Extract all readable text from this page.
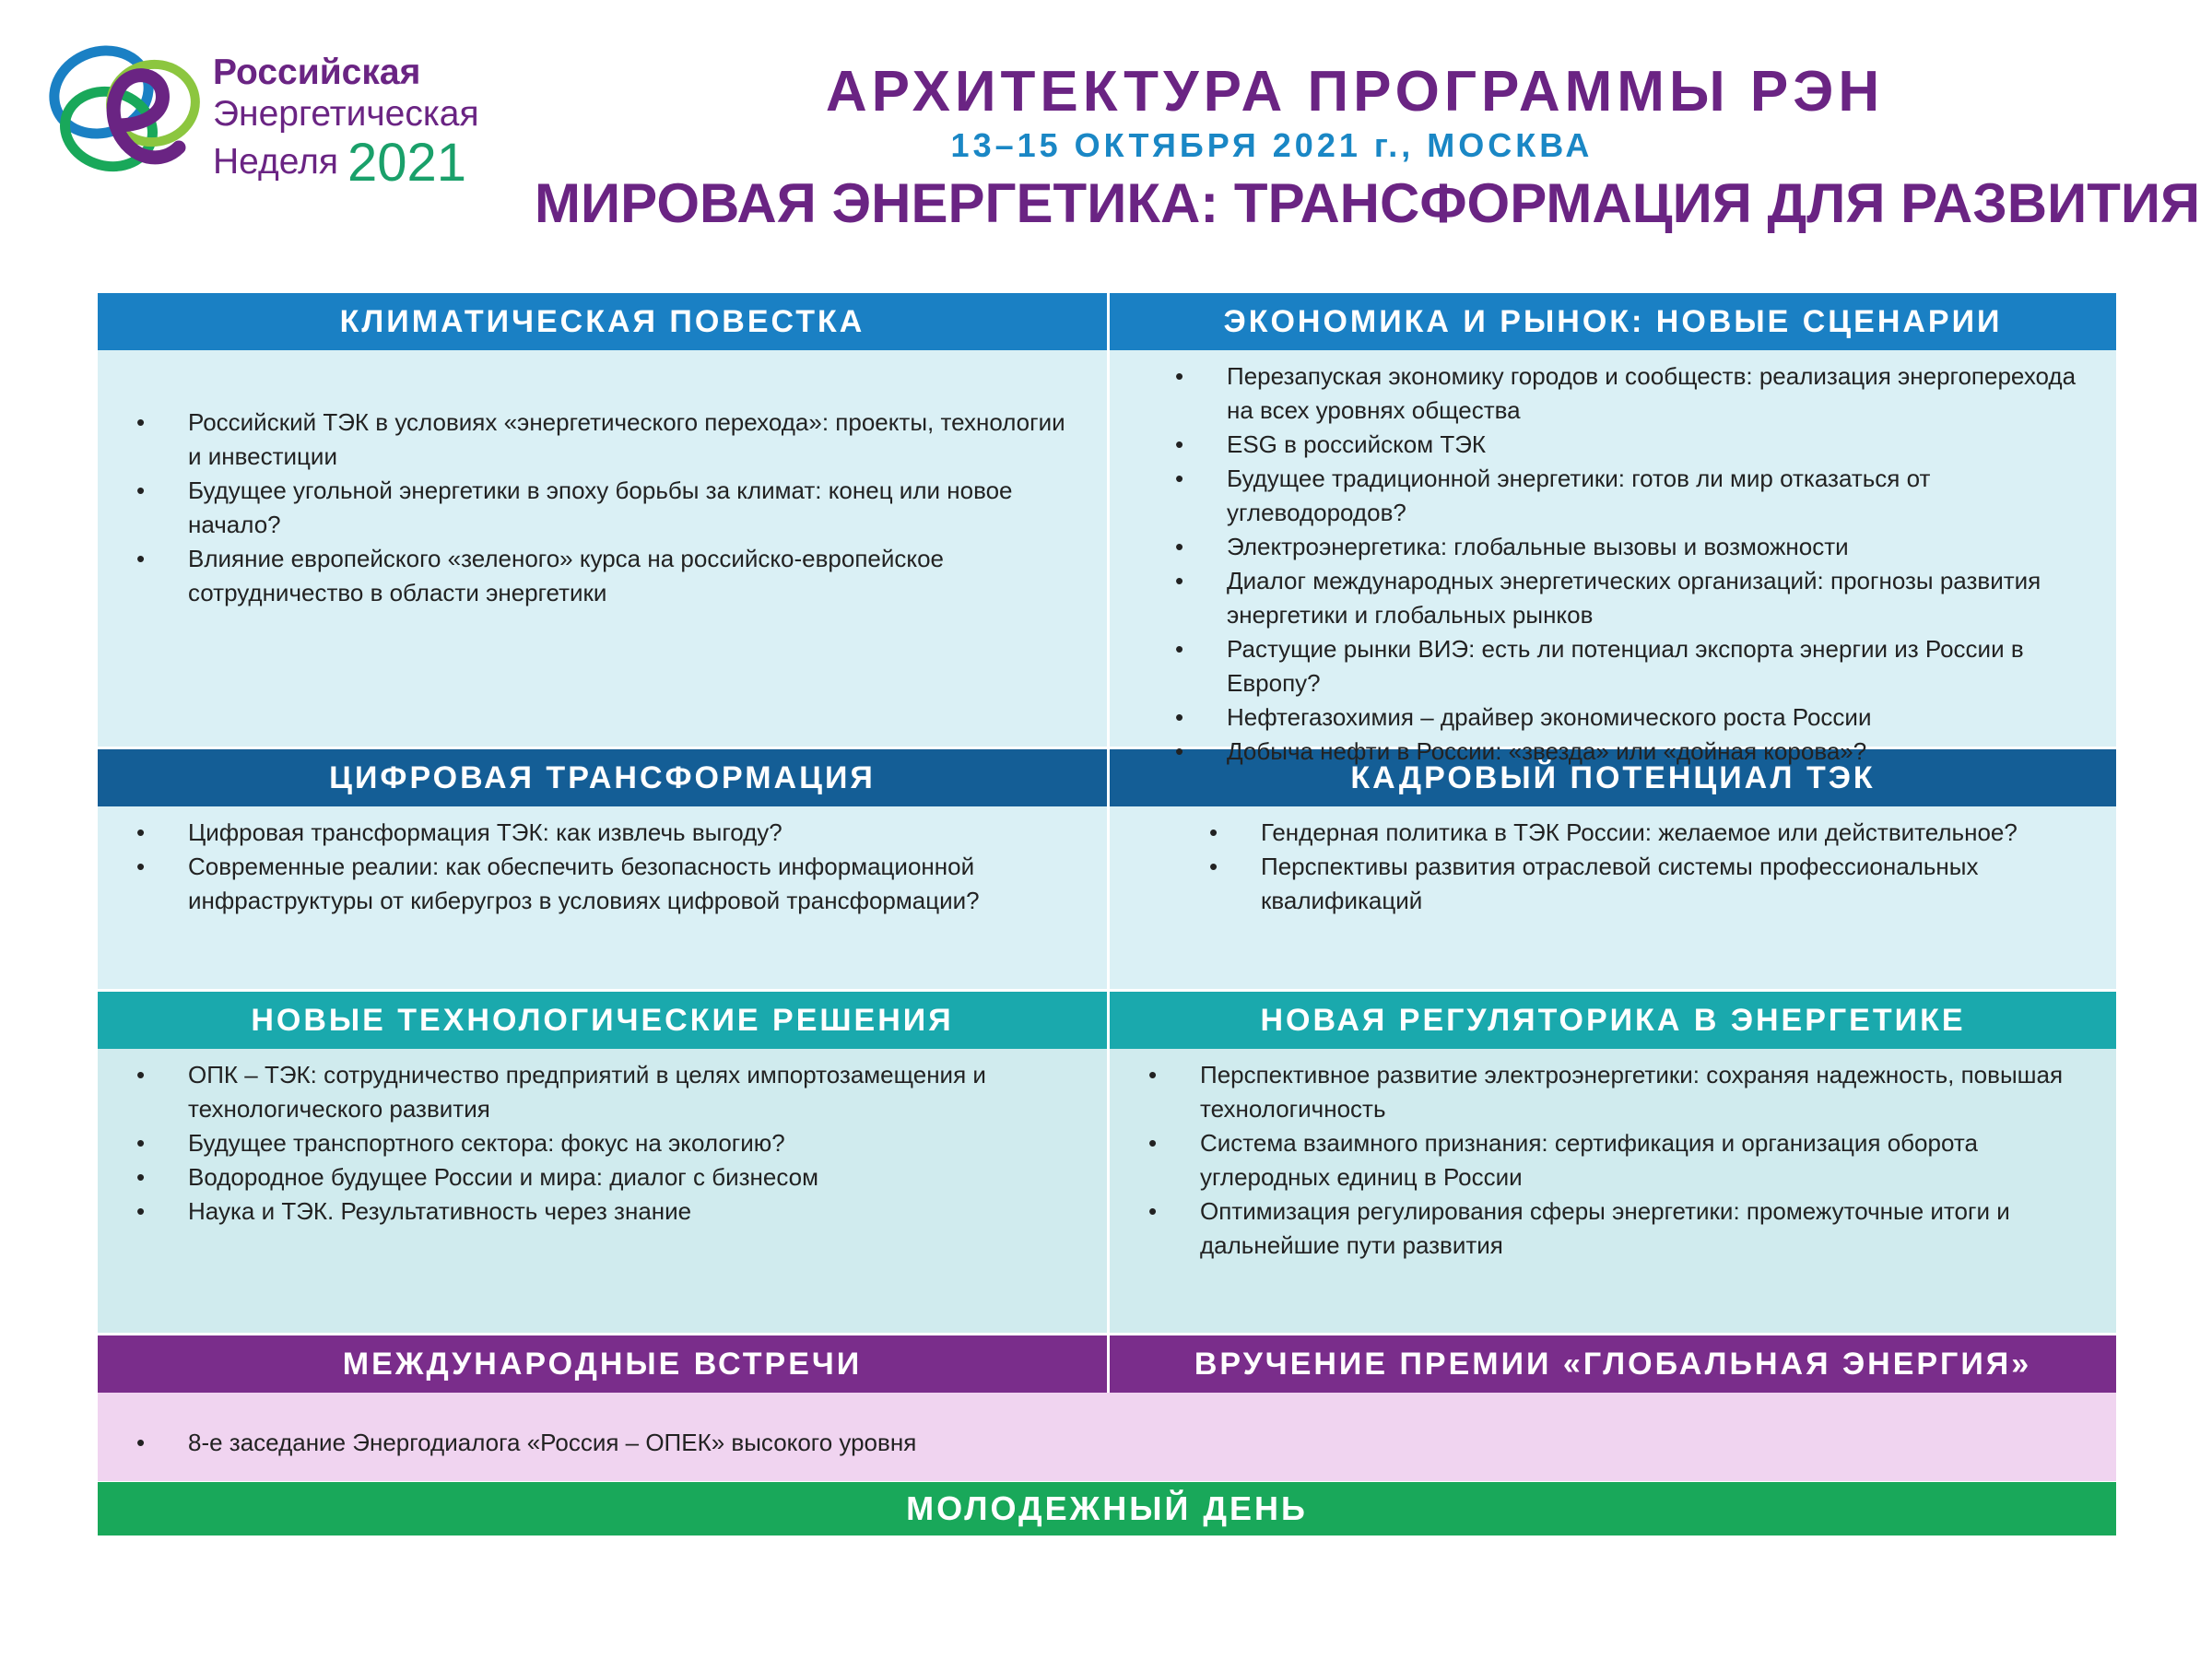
Российская
Энергетическая
Неделя 2021
АРХИТЕКТУРА ПРОГРАММЫ РЭН
13–15 ОКТЯБРЯ 2021 г., МОСКВА
МИРОВАЯ ЭНЕРГЕТИКА: ТРАНСФОРМАЦИЯ ДЛЯ РАЗВИТИЯ
КЛИМАТИЧЕСКАЯ ПОВЕСТКА
• Российский ТЭК в условиях «энергетического перехода»: проекты, технологии и инвестиции
• Будущее угольной энергетики в эпоху борьбы за климат: конец или новое начало?
• Влияние европейского «зеленого» курса на российско-европейское сотрудничество в области энергетики
ЭКОНОМИКА И РЫНОК: НОВЫЕ СЦЕНАРИИ
• Перезапуская экономику городов и сообществ: реализация энергоперехода на всех уровнях общества
• ESG в российском ТЭК
• Будущее традиционной энергетики: готов ли мир отказаться от углеводородов?
• Электроэнергетика: глобальные вызовы и возможности
• Диалог международных энергетических организаций: прогнозы развития энергетики и глобальных рынков
• Растущие рынки ВИЭ: есть ли потенциал экспорта энергии из России в Европу?
• Нефтегазохимия – драйвер экономического роста России
• Добыча нефти в России: «звезда» или «дойная корова»?
ЦИФРОВАЯ ТРАНСФОРМАЦИЯ
• Цифровая трансформация ТЭК: как извлечь выгоду?
• Современные реалии: как обеспечить безопасность информационной инфраструктуры от киберугроз в условиях цифровой трансформации?
КАДРОВЫЙ ПОТЕНЦИАЛ ТЭК
• Гендерная политика в ТЭК России: желаемое или действительное?
• Перспективы развития отраслевой системы профессиональных квалификаций
НОВЫЕ ТЕХНОЛОГИЧЕСКИЕ РЕШЕНИЯ
• ОПК – ТЭК: сотрудничество предприятий в целях импортозамещения и технологического развития
• Будущее транспортного сектора: фокус на экологию?
• Водородное будущее России и мира: диалог с бизнесом
• Наука и ТЭК. Результативность через знание
НОВАЯ РЕГУЛЯТОРИКА В ЭНЕРГЕТИКЕ
• Перспективное развитие электроэнергетики: сохраняя надежность, повышая технологичность
• Система взаимного признания: сертификация и организация оборота углеродных единиц в России
• Оптимизация регулирования сферы энергетики: промежуточные итоги и дальнейшие пути развития
МЕЖДУНАРОДНЫЕ ВСТРЕЧИ	ВРУЧЕНИЕ ПРЕМИИ «ГЛОБАЛЬНАЯ ЭНЕРГИЯ»
• 8-е заседание Энергодиалога «Россия – ОПЕК» высокого уровня
МОЛОДЕЖНЫЙ ДЕНЬ
